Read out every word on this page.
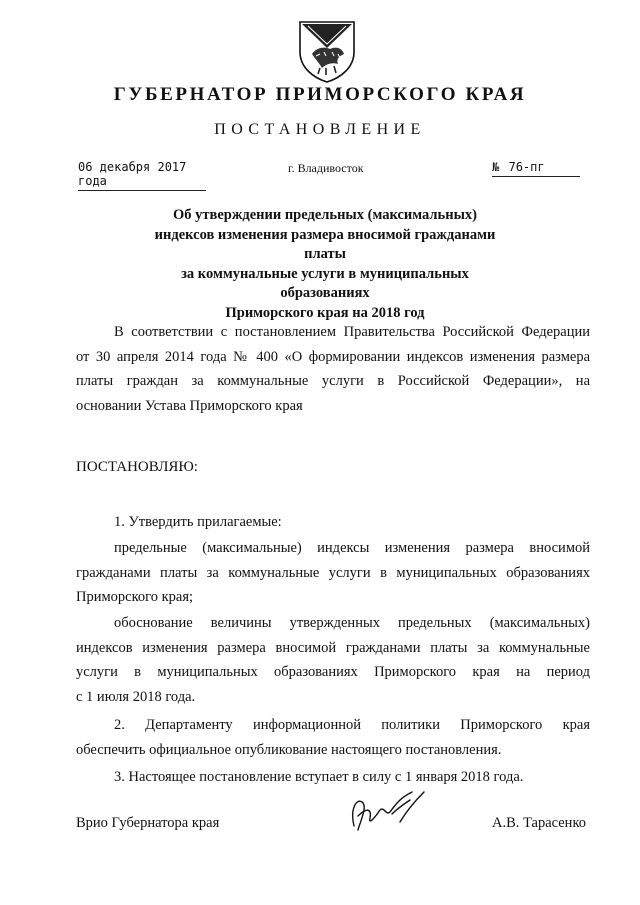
ГУБЕРНАТОР ПРИМОРСКОГО КРАЯ
ПОСТАНОВЛЕНИЕ
06 декабря 2017 года
г. Владивосток	№ 76-пг
Об утверждении предельных (максимальных)
индексов изменения размера вносимой гражданами платы
за коммунальные услуги в муниципальных образованиях
Приморского края на 2018 год
В соответствии с постановлением Правительства Российской Федерации
от 30 апреля 2014 года № 400 «О формировании индексов изменения размера
платы граждан за коммунальные услуги в Российской Федерации», на
основании Устава Приморского края
ПОСТАНОВЛЯЮ:
1. Утвердить прилагаемые:
предельные (максимальные) индексы изменения размера вносимой
гражданами платы за коммунальные услуги в муниципальных образованиях
Приморского края;
обоснование величины утвержденных предельных (максимальных)
индексов изменения размера вносимой гражданами платы за коммунальные
услуги в муниципальных образованиях Приморского края на период
с 1 июля 2018 года.
2. Департаменту информационной политики Приморского края
обеспечить официальное опубликование настоящего постановления.
3. Настоящее постановление вступает в силу с 1 января 2018 года.
Врио Губернатора края	А.В. Тарасенко
